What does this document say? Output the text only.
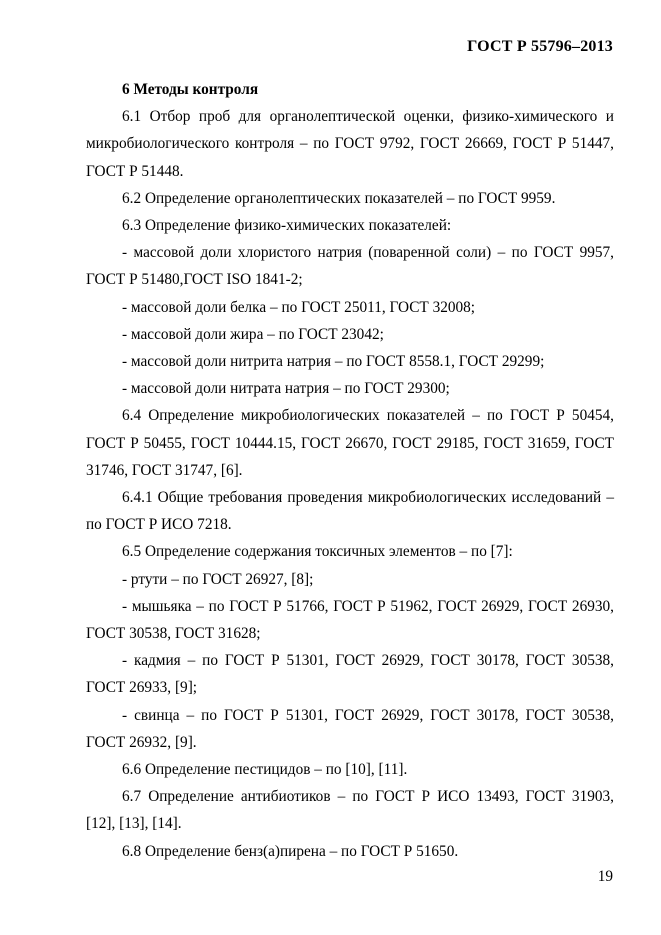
ГОСТ Р 55796–2013

6 Методы контроля

6.1 Отбор проб для органолептической оценки, физико-химического и микробиологического контроля – по ГОСТ 9792, ГОСТ 26669, ГОСТ Р 51447, ГОСТ Р 51448.

6.2 Определение органолептических показателей – по ГОСТ 9959.

6.3 Определение физико-химических показателей:

- массовой доли хлористого натрия (поваренной соли) – по ГОСТ 9957, ГОСТ Р 51480,ГОСТ ISO 1841-2;

- массовой доли белка – по ГОСТ 25011, ГОСТ 32008;

- массовой доли жира – по ГОСТ 23042;

- массовой доли нитрита натрия – по ГОСТ 8558.1, ГОСТ 29299;

- массовой доли нитрата натрия – по ГОСТ 29300;

6.4 Определение микробиологических показателей – по ГОСТ Р 50454, ГОСТ Р 50455, ГОСТ 10444.15, ГОСТ 26670, ГОСТ 29185, ГОСТ 31659, ГОСТ 31746, ГОСТ 31747, [6].

6.4.1 Общие требования проведения микробиологических исследований – по ГОСТ Р ИСО 7218.

6.5 Определение содержания токсичных элементов – по [7]:

- ртути – по ГОСТ 26927, [8];

- мышьяка – по ГОСТ Р 51766, ГОСТ Р 51962, ГОСТ 26929, ГОСТ 26930, ГОСТ 30538, ГОСТ 31628;

- кадмия – по ГОСТ Р 51301, ГОСТ 26929, ГОСТ 30178, ГОСТ 30538, ГОСТ 26933, [9];

- свинца – по ГОСТ Р 51301, ГОСТ 26929, ГОСТ 30178, ГОСТ 30538, ГОСТ 26932, [9].

6.6 Определение пестицидов – по [10], [11].

6.7 Определение антибиотиков – по ГОСТ Р ИСО 13493, ГОСТ 31903, [12], [13], [14].

6.8 Определение бенз(а)пирена – по ГОСТ Р 51650.

19
